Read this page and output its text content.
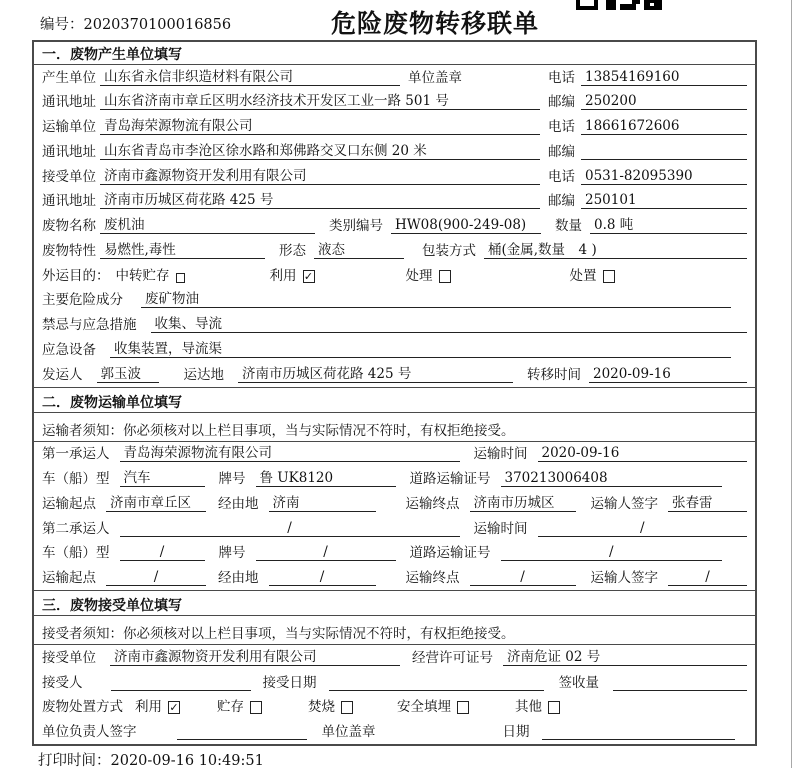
编号：2020370100016856	危险废物转移联单
一．废物产生单位填写
产生单位 山东省永信非织造材料有限公司	单位盖章	电话 13854169160
通讯地址 山东省济南市章丘区明水经济技术开发区工业一路 501 号	邮编 250200
运输单位 青岛海荣源物流有限公司	电话 18661672606
通讯地址 山东省青岛市李沧区徐水路和郑佛路交叉口东侧 20 米	邮编
接受单位 济南市鑫源物资开发利用有限公司	电话 0531-82095390
通讯地址 济南市历城区荷花路 425 号	邮编 250101
废物名称 废机油	类别编号 HW08(900-249-08)	数量 0.8 吨
废物特性 易燃性,毒性	形态 液态	包装方式 桶(金属,数量　4 )
外运目的： 中转贮存	利用 ✓	处理	处置
主要危险成分 废矿物油
禁忌与应急措施 收集、导流
应急设备 收集装置，导流渠
发运人 郭玉波	运达地 济南市历城区荷花路 425 号	转移时间 2020-09-16
二．废物运输单位填写
运输者须知：你必须核对以上栏目事项，当与实际情况不符时，有权拒绝接受。
第一承运人 青岛海荣源物流有限公司	运输时间 2020-09-16
车（船）型 汽车	牌号 鲁 UK8120	道路运输证号 370213006408
运输起点 济南市章丘区	经由地 济南	运输终点 济南市历城区	运输人签字 张春雷
第二承运人	/	运输时间	/
车（船）型	/	牌号	/	道路运输证号	/
运输起点	/	经由地	/	运输终点	/	运输人签字	/
三．废物接受单位填写
接受者须知：你必须核对以上栏目事项，当与实际情况不符时，有权拒绝接受。
接受单位 济南市鑫源物资开发利用有限公司	经营许可证号 济南危证 02 号
接受人	接受日期	签收量
废物处置方式 利用 ✓	贮存	焚烧	安全填埋	其他
单位负责人签字	单位盖章	日期
打印时间：2020-09-16 10:49:51
